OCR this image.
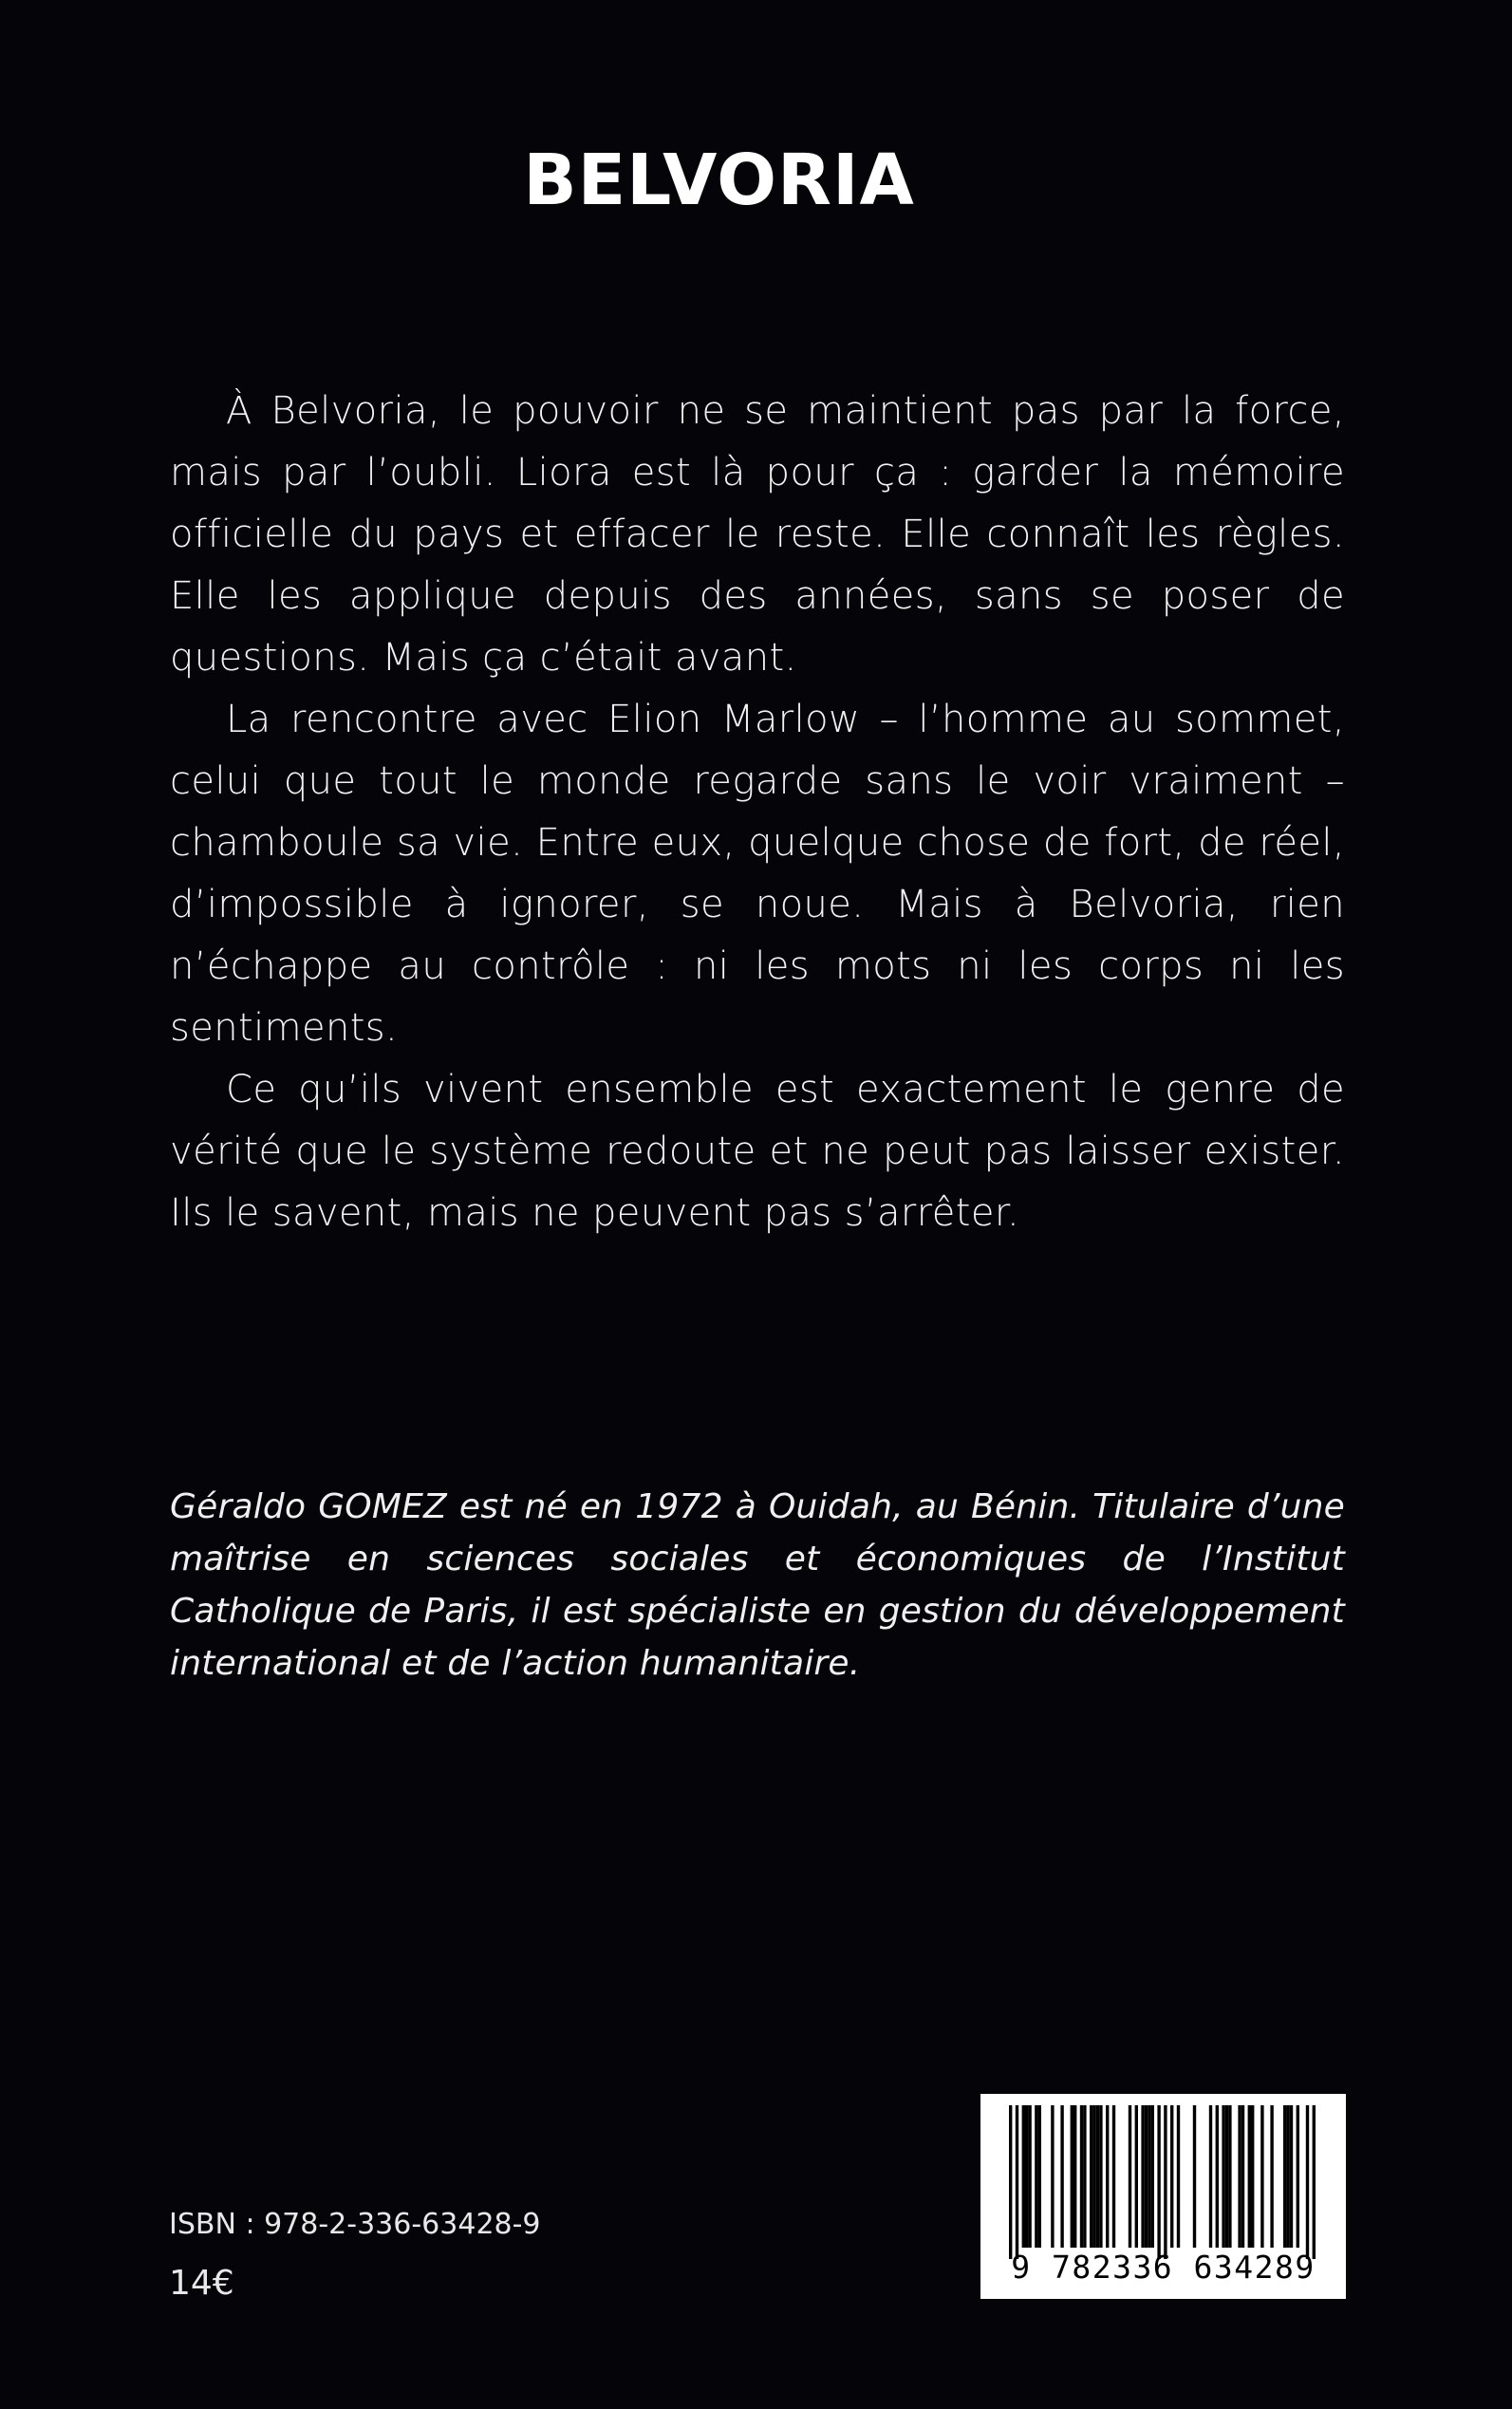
BELVORIA

À Belvoria, le pouvoir ne se maintient pas par la force, mais par l’oubli. Liora est là pour ça : garder la mémoire officielle du pays et effacer le reste. Elle connaît les règles. Elle les applique depuis des années, sans se poser de questions. Mais ça c’était avant.

La rencontre avec Elion Marlow – l’homme au sommet, celui que tout le monde regarde sans le voir vraiment – chamboule sa vie. Entre eux, quelque chose de fort, de réel, d’impossible à ignorer, se noue. Mais à Belvoria, rien n’échappe au contrôle : ni les mots ni les corps ni les sentiments.

Ce qu’ils vivent ensemble est exactement le genre de vérité que le système redoute et ne peut pas laisser exister. Ils le savent, mais ne peuvent pas s’arrêter.

Géraldo GOMEZ est né en 1972 à Ouidah, au Bénin. Titulaire d’une maîtrise en sciences sociales et économiques de l’Institut Catholique de Paris, il est spécialiste en gestion du développement international et de l’action humanitaire.

ISBN : 978-2-336-63428-9

14€	9 782336 634289
